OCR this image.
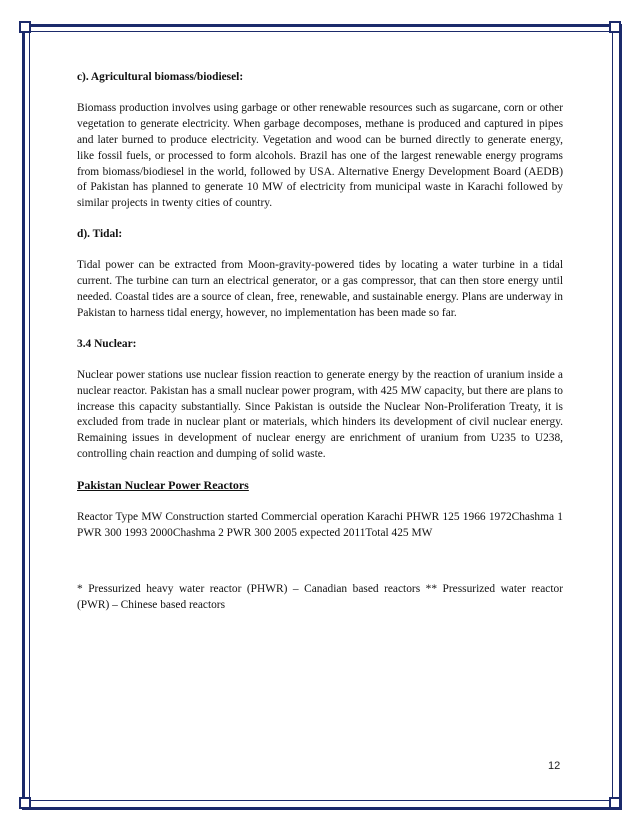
c). Agricultural biomass/biodiesel:

Biomass production involves using garbage or other renewable resources such as sugarcane, corn or other vegetation to generate electricity. When garbage decomposes, methane is produced and captured in pipes and later burned to produce electricity. Vegetation and wood can be burned directly to generate energy, like fossil fuels, or processed to form alcohols. Brazil has one of the largest renewable energy programs from biomass/biodiesel in the world, followed by USA. Alternative Energy Development Board (AEDB) of Pakistan has planned to generate 10 MW of electricity from municipal waste in Karachi followed by similar projects in twenty cities of country.

d). Tidal:

Tidal power can be extracted from Moon-gravity-powered tides by locating a water turbine in a tidal current. The turbine can turn an electrical generator, or a gas compressor, that can then store energy until needed. Coastal tides are a source of clean, free, renewable, and sustainable energy. Plans are underway in Pakistan to harness tidal energy, however, no implementation has been made so far.

3.4 Nuclear:

Nuclear power stations use nuclear fission reaction to generate energy by the reaction of uranium inside a nuclear reactor. Pakistan has a small nuclear power program, with 425 MW capacity, but there are plans to increase this capacity substantially. Since Pakistan is outside the Nuclear Non-Proliferation Treaty, it is excluded from trade in nuclear plant or materials, which hinders its development of civil nuclear energy. Remaining issues in development of nuclear energy are enrichment of uranium from U235 to U238, controlling chain reaction and dumping of solid waste.

Pakistan Nuclear Power Reactors

Reactor Type MW Construction started Commercial operation Karachi PHWR 125 1966 1972Chashma 1 PWR 300 1993 2000Chashma 2 PWR 300 2005 expected 2011Total 425 MW

* Pressurized heavy water reactor (PHWR) – Canadian based reactors ** Pressurized water reactor (PWR) – Chinese based reactors

12
